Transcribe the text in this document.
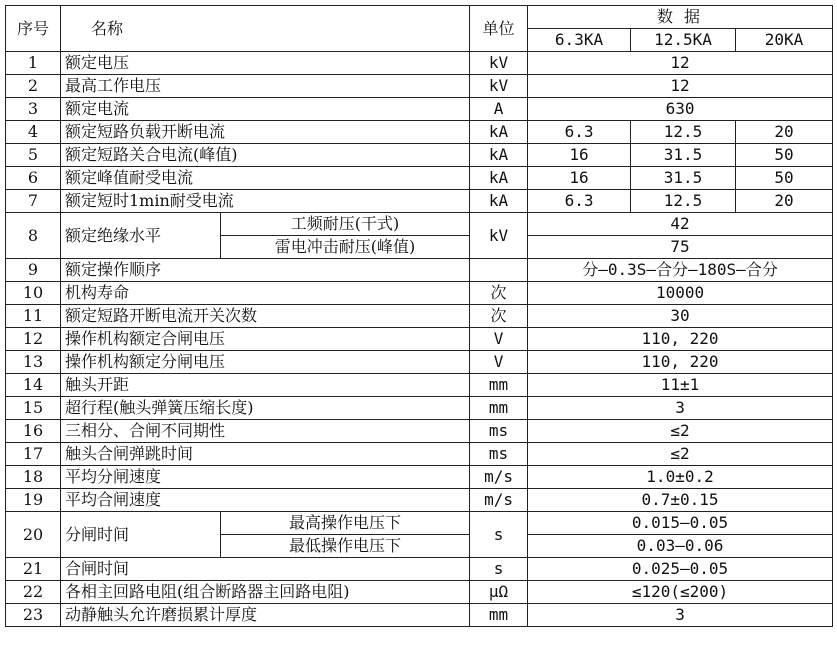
序号	名称		单位	数 据		
				6.3KA	12.5KA	20KA
1	额定电压		kV	12		
2	最高工作电压		kV	12		
3	额定电流		A	630		
4	额定短路负载开断电流		kA	6.3	12.5	20
5	额定短路关合电流(峰值)		kA	16	31.5	50
6	额定峰值耐受电流		kA	16	31.5	50
7	额定短时1min耐受电流		kA	6.3	12.5	20
8	额定绝缘水平	工频耐压(干式)	kV	42		
		雷电冲击耐压(峰值)		75		
9	额定操作顺序			分—0.3S—合分—180S—合分		
10	机构寿命		次	10000		
11	额定短路开断电流开关次数		次	30		
12	操作机构额定合闸电压		V	110, 220		
13	操作机构额定分闸电压		V	110, 220		
14	触头开距		mm	11±1		
15	超行程(触头弹簧压缩长度)		mm	3		
16	三相分、合闸不同期性		ms	≤2		
17	触头合闸弹跳时间		ms	≤2		
18	平均分闸速度		m/s	1.0±0.2		
19	平均合闸速度		m/s	0.7±0.15		
20	分闸时间	最高操作电压下	s	0.015—0.05		
		最低操作电压下		0.03—0.06		
21	合闸时间		s	0.025—0.05		
22	各相主回路电阻(组合断路器主回路电阻)		μΩ	≤120(≤200)		
23	动静触头允许磨损累计厚度		mm	3		
